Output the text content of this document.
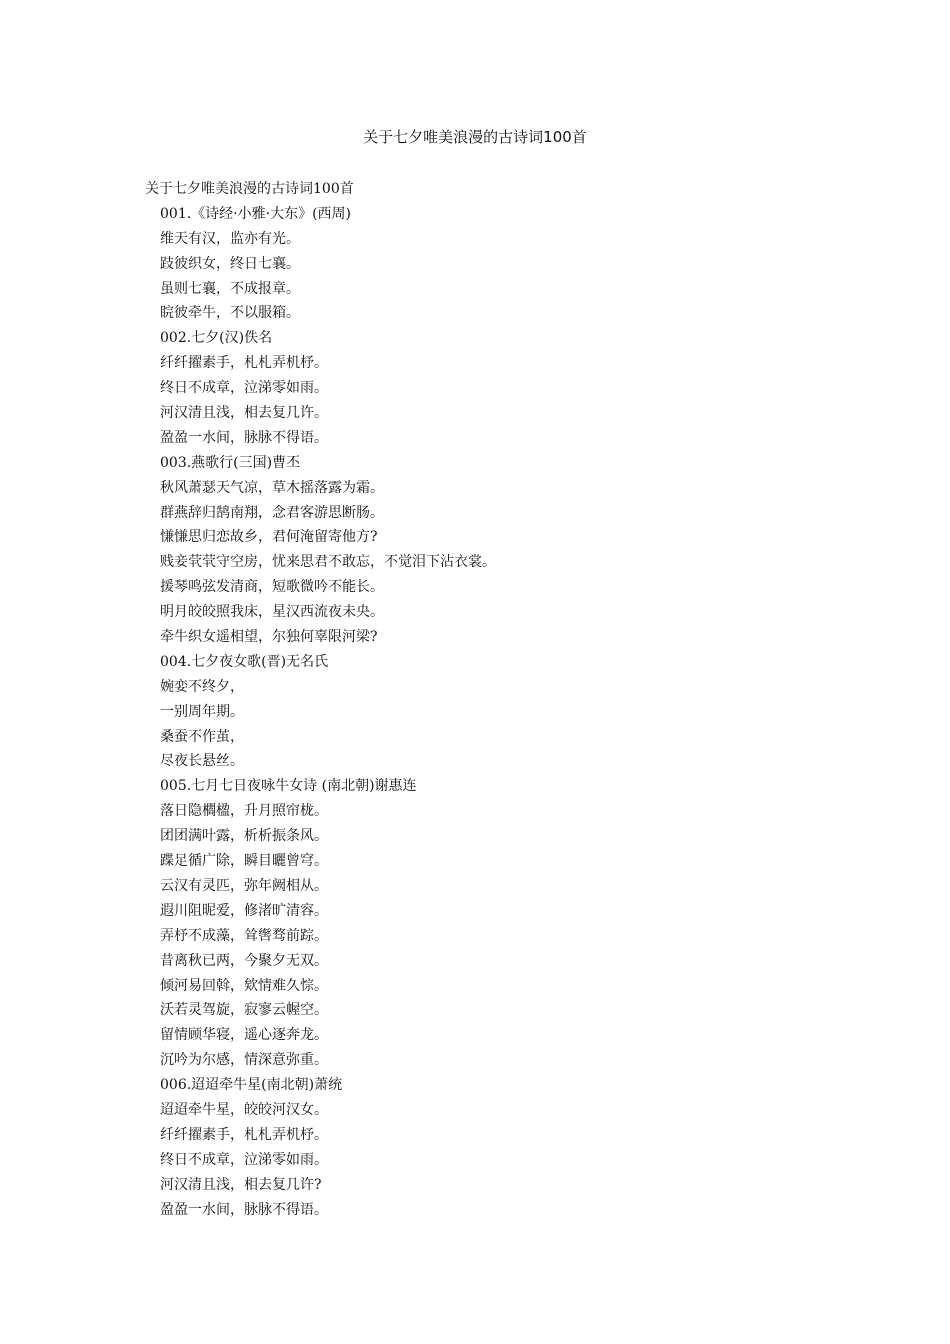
关于七夕唯美浪漫的古诗词100首
关于七夕唯美浪漫的古诗词100首
001.《诗经·小雅·大东》(西周)
维天有汉，监亦有光。
跂彼织女，终日七襄。
虽则七襄，不成报章。
睆彼牵牛，不以服箱。
002.七夕(汉)佚名
纤纤擢素手，札札弄机杼。
终日不成章，泣涕零如雨。
河汉清且浅，相去复几许。
盈盈一水间，脉脉不得语。
003.燕歌行(三国)曹丕
秋风萧瑟天气凉，草木摇落露为霜。
群燕辞归鹄南翔，念君客游思断肠。
慊慊思归恋故乡，君何淹留寄他方?
贱妾茕茕守空房，忧来思君不敢忘，不觉泪下沾衣裳。
援琴鸣弦发清商，短歌微吟不能长。
明月皎皎照我床，星汉西流夜未央。
牵牛织女遥相望，尔独何辜限河梁?
004.七夕夜女歌(晋)无名氏
婉娈不终夕，
一别周年期。
桑蚕不作茧，
尽夜长悬丝。
005.七月七日夜咏牛女诗 (南北朝)谢惠连
落日隐櫩楹，升月照帘栊。
团团满叶露，析析振条风。
蹀足循广除，瞬目曬曾穹。
云汉有灵匹，弥年阙相从。
遐川阻昵爱，修渚旷清容。
弄杼不成藻，耸辔骛前踪。
昔离秋已两，今聚夕无双。
倾河易回斡，欸情难久悰。
沃若灵驾旋，寂寥云幄空。
留情顾华寝，遥心逐奔龙。
沉吟为尔感，情深意弥重。
006.迢迢牵牛星(南北朝)萧统
迢迢牵牛星，皎皎河汉女。
纤纤擢素手，札札弄机杼。
终日不成章，泣涕零如雨。
河汉清且浅，相去复几许?
盈盈一水间，脉脉不得语。
